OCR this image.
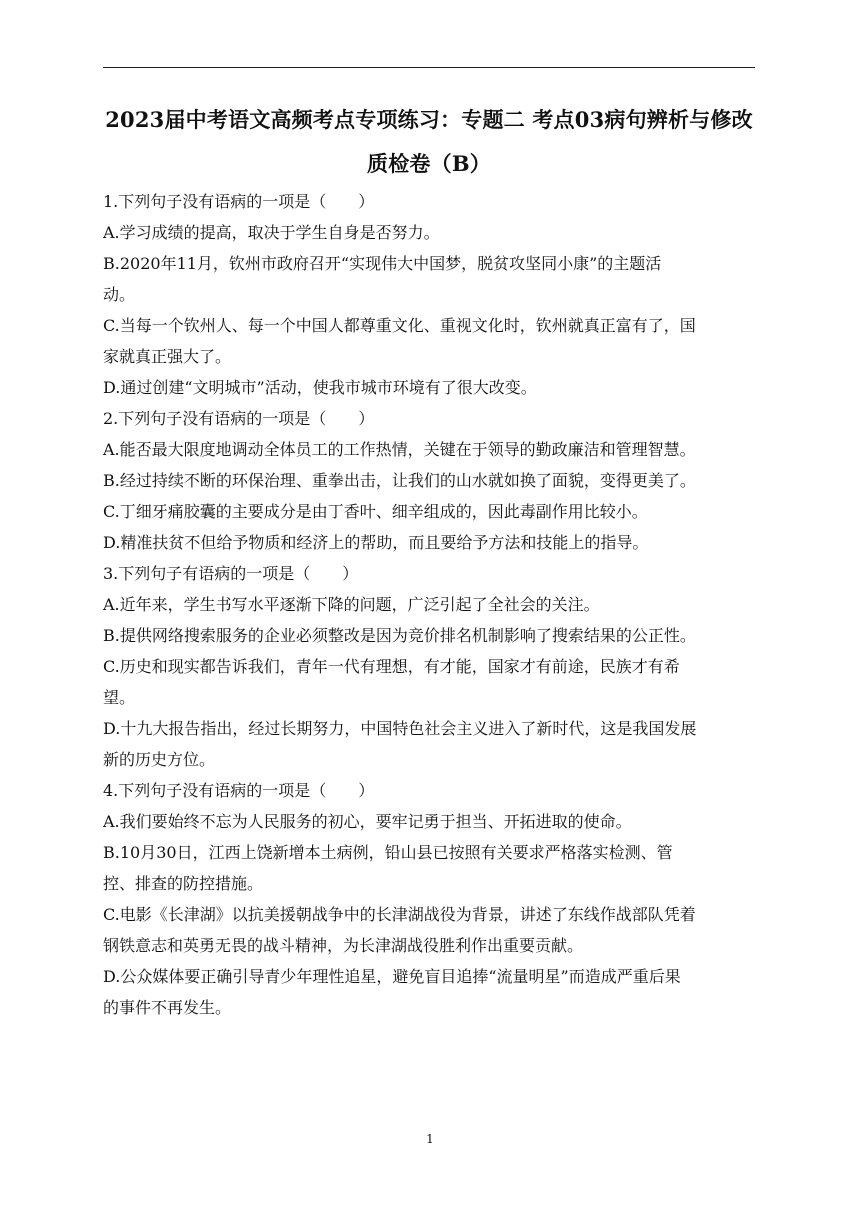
2023届中考语文高频考点专项练习：专题二 考点03病句辨析与修改
质检卷（B）
1.下列句子没有语病的一项是（　　）
A.学习成绩的提高，取决于学生自身是否努力。
B.2020年11月，钦州市政府召开“实现伟大中国梦，脱贫攻坚同小康”的主题活
动。
C.当每一个钦州人、每一个中国人都尊重文化、重视文化时，钦州就真正富有了，国
家就真正强大了。
D.通过创建“文明城市”活动，使我市城市环境有了很大改变。
2.下列句子没有语病的一项是（　　）
A.能否最大限度地调动全体员工的工作热情，关键在于领导的勤政廉洁和管理智慧。
B.经过持续不断的环保治理、重拳出击，让我们的山水就如换了面貌，变得更美了。
C.丁细牙痛胶囊的主要成分是由丁香叶、细辛组成的，因此毒副作用比较小。
D.精准扶贫不但给予物质和经济上的帮助，而且要给予方法和技能上的指导。
3.下列句子有语病的一项是（　　）
A.近年来，学生书写水平逐渐下降的问题，广泛引起了全社会的关注。
B.提供网络搜索服务的企业必须整改是因为竞价排名机制影响了搜索结果的公正性。
C.历史和现实都告诉我们，青年一代有理想，有才能，国家才有前途，民族才有希
望。
D.十九大报告指出，经过长期努力，中国特色社会主义进入了新时代，这是我国发展
新的历史方位。
4.下列句子没有语病的一项是（　　）
A.我们要始终不忘为人民服务的初心，要牢记勇于担当、开拓进取的使命。
B.10月30日，江西上饶新增本土病例，铅山县已按照有关要求严格落实检测、管
控、排查的防控措施。
C.电影《长津湖》以抗美援朝战争中的长津湖战役为背景，讲述了东线作战部队凭着
钢铁意志和英勇无畏的战斗精神，为长津湖战役胜利作出重要贡献。
D.公众媒体要正确引导青少年理性追星，避免盲目追捧“流量明星”而造成严重后果
的事件不再发生。
1
